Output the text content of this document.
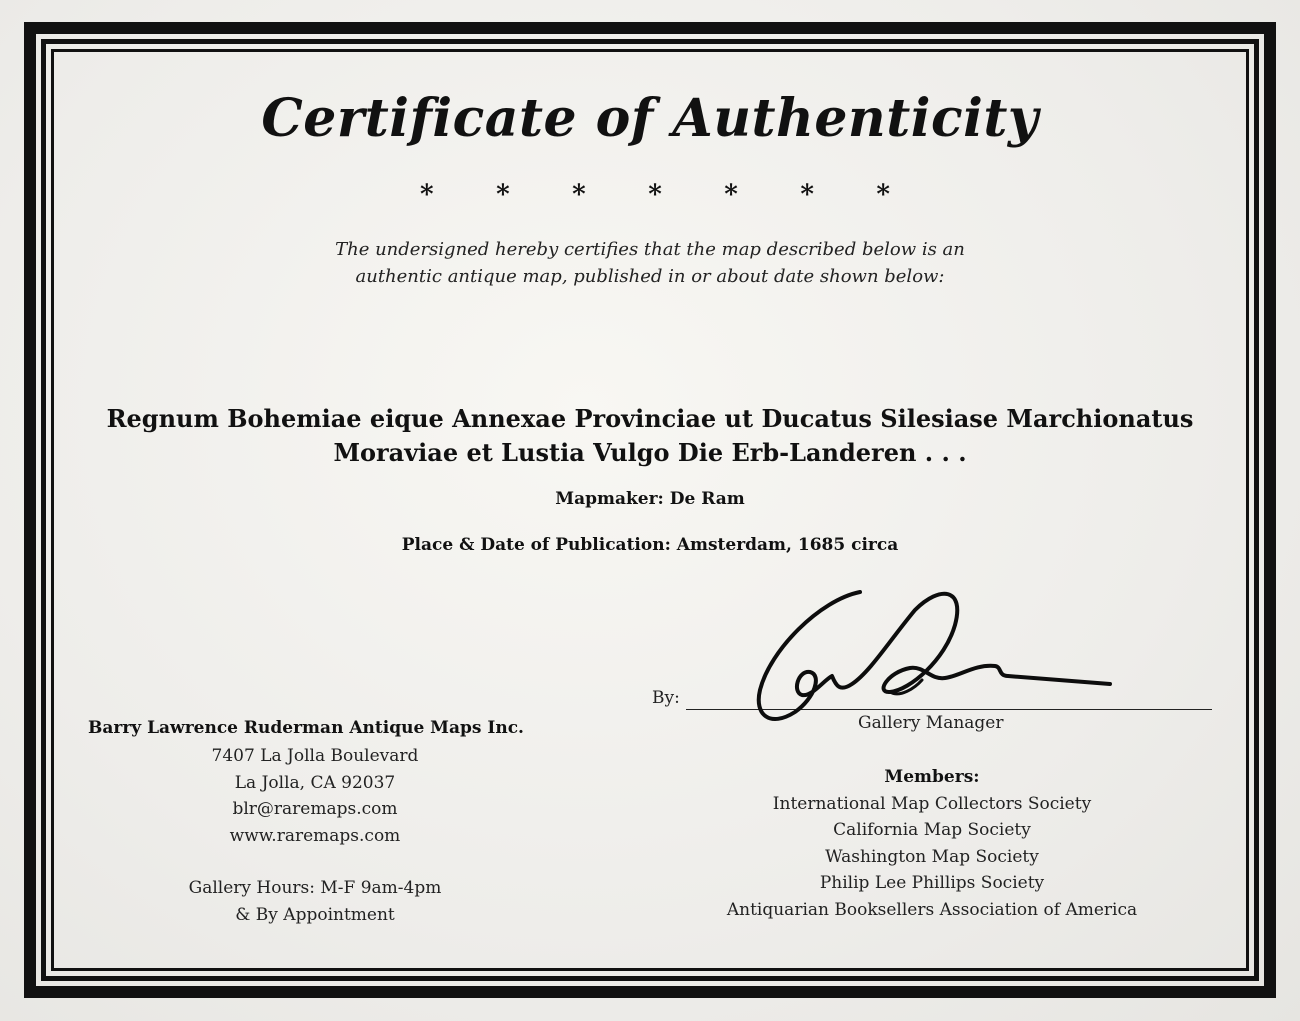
Certificate of Authenticity
* * * * * * *
The undersigned hereby certifies that the map described below is an
authentic antique map, published in or about date shown below:
Regnum Bohemiae eique Annexae Provinciae ut Ducatus Silesiase Marchionatus
Moraviae et Lustia Vulgo Die Erb-Landeren . . .
Mapmaker: De Ram
Place & Date of Publication: Amsterdam, 1685 circa
By:
Gallery Manager
Barry Lawrence Ruderman Antique Maps Inc.
7407 La Jolla Boulevard
La Jolla, CA 92037
blr@raremaps.com
www.raremaps.com
Gallery Hours: M-F 9am-4pm
& By Appointment
Members:
International Map Collectors Society
California Map Society
Washington Map Society
Philip Lee Phillips Society
Antiquarian Booksellers Association of America
